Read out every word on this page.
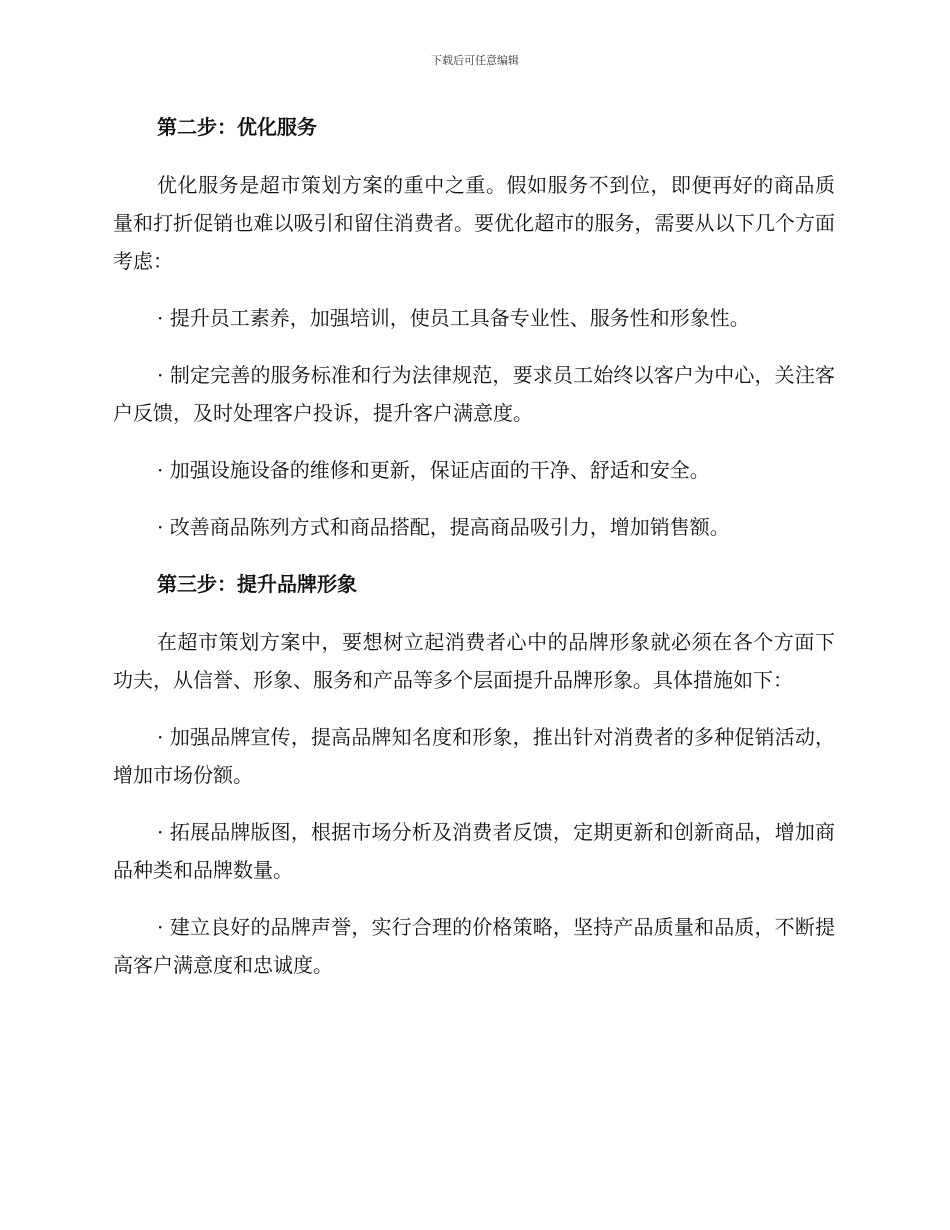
下载后可任意编辑
第二步：优化服务

优化服务是超市策划方案的重中之重。假如服务不到位，即便再好的商品质量和打折促销也难以吸引和留住消费者。要优化超市的服务，需要从以下几个方面考虑：

· 提升员工素养，加强培训，使员工具备专业性、服务性和形象性。

· 制定完善的服务标准和行为法律规范，要求员工始终以客户为中心，关注客户反馈，及时处理客户投诉，提升客户满意度。

· 加强设施设备的维修和更新，保证店面的干净、舒适和安全。

· 改善商品陈列方式和商品搭配，提高商品吸引力，增加销售额。

第三步：提升品牌形象

在超市策划方案中，要想树立起消费者心中的品牌形象就必须在各个方面下功夫，从信誉、形象、服务和产品等多个层面提升品牌形象。具体措施如下：

· 加强品牌宣传，提高品牌知名度和形象，推出针对消费者的多种促销活动，增加市场份额。

· 拓展品牌版图，根据市场分析及消费者反馈，定期更新和创新商品，增加商品种类和品牌数量。

· 建立良好的品牌声誉，实行合理的价格策略，坚持产品质量和品质，不断提高客户满意度和忠诚度。
